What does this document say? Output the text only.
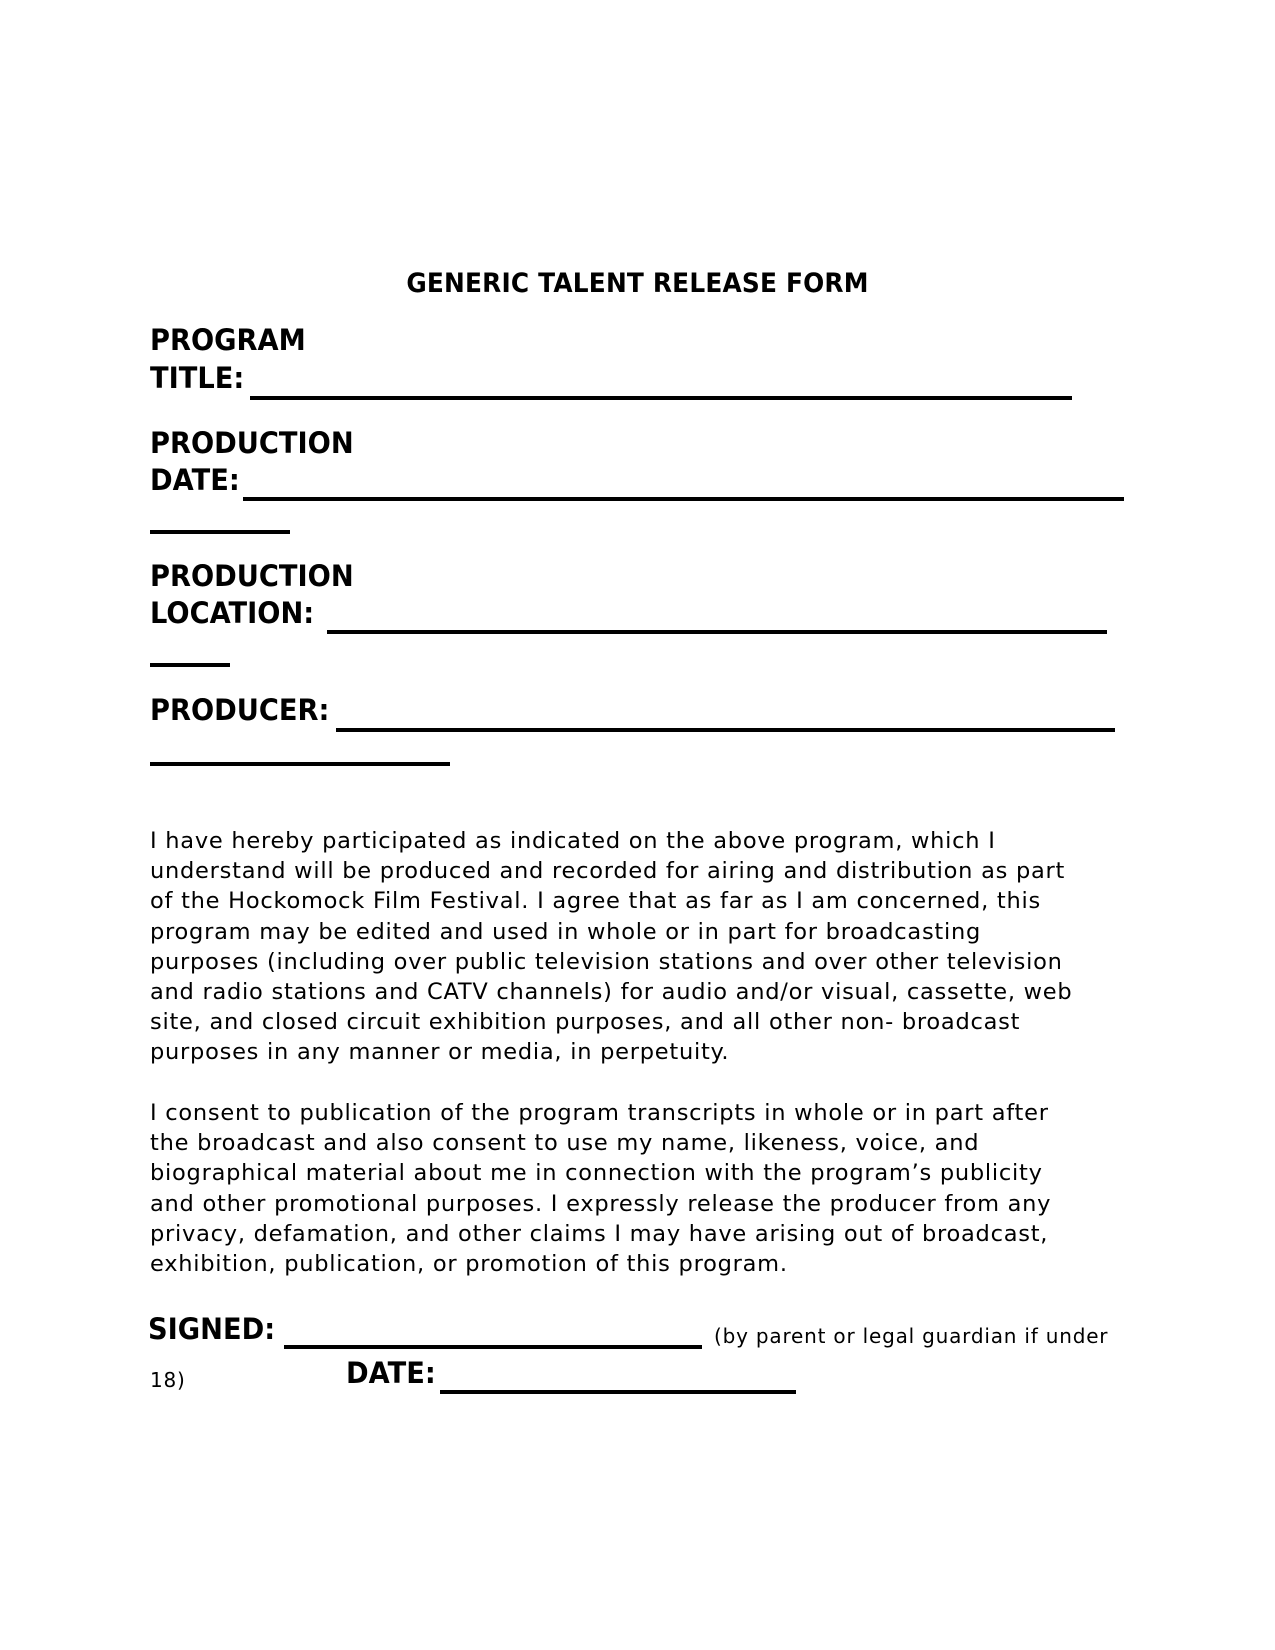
GENERIC TALENT RELEASE FORM
PROGRAM
TITLE:
PRODUCTION
DATE:
PRODUCTION
LOCATION:
PRODUCER:

I have hereby participated as indicated on the above program, which I

understand will be produced and recorded for airing and distribution as part

of the Hockomock Film Festival. I agree that as far as I am concerned, this

program may be edited and used in whole or in part for broadcasting

purposes (including over public television stations and over other television

and radio stations and CATV channels) for audio and/or visual, cassette, web

site, and closed circuit exhibition purposes, and all other non- broadcast

purposes in any manner or media, in perpetuity.

I consent to publication of the program transcripts in whole or in part after

the broadcast and also consent to use my name, likeness, voice, and

biographical material about me in connection with the program’s publicity

and other promotional purposes. I expressly release the producer from any

privacy, defamation, and other claims I may have arising out of broadcast,

exhibition, publication, or promotion of this program.

SIGNED:	(by parent or legal guardian if under
18)	DATE:
